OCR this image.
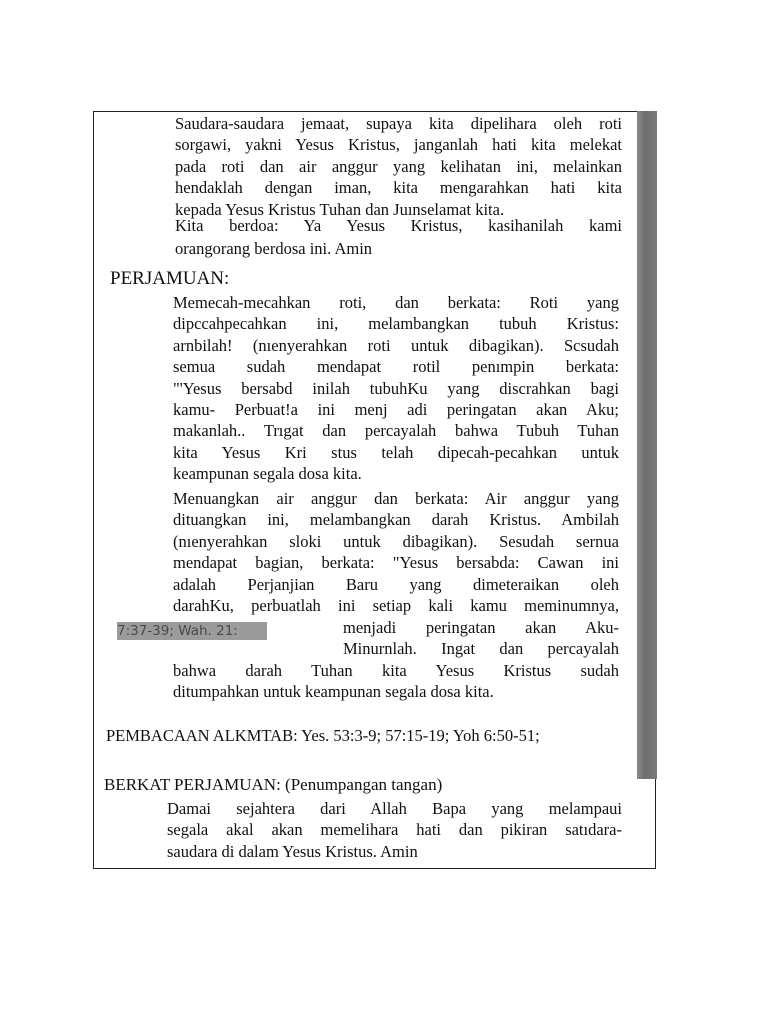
Saudara-saudara jemaat, supaya kita dipelihara oleh roti
sorgawi, yakni Yesus Kristus, janganlah hati kita melekat
pada roti dan air anggur yang kelihatan ini, melainkan
hendaklah dengan iman, kita mengarahkan hati kita
kepada Yesus Kristus Tuhan dan Juınselamat kita.
Kita berdoa: Ya Yesus Kristus, kasihanilah kami
orangorang berdosa ini. Amin
PERJAMUAN:
Memecah-mecahkan roti, dan berkata: Roti yang
dipccahpecahkan ini, melambangkan tubuh Kristus:
arnbilah! (nıenyerahkan roti untuk dibagikan). Scsudah
semua sudah mendapat rotil penımpin berkata:
"'Yesus bersabd inilah tubuhKu yang discrahkan bagi
kamu- Perbuat!a ini menj adi peringatan akan Aku;
makanlah.. Trıgat dan percayalah bahwa Tubuh Tuhan
kita Yesus Kri stus telah dipecah-pecahkan untuk
keampunan segala dosa kita.
Menuangkan air anggur dan berkata: Air anggur yang
dituangkan ini, melambangkan darah Kristus. Ambilah
(nıenyerahkan sloki untuk dibagikan). Sesudah sernua
mendapat bagian, berkata: "Yesus bersabda: Cawan ini
adalah Perjanjian Baru yang dimeteraikan oleh
darahKu, perbuatlah ini setiap kali kamu meminumnya,
7:37-39; Wah. 21:	menjadi peringatan akan Aku-
Minurnlah. Ingat dan percayalah
bahwa darah Tuhan kita Yesus Kristus sudah
ditumpahkan untuk keampunan segala dosa kita.
PEMBACAAN ALKMTAB: Yes. 53:3-9; 57:15-19; Yoh 6:50-51;
BERKAT PERJAMUAN: (Penumpangan tangan)
Damai sejahtera dari Allah Bapa yang melampaui
segala akal akan memelihara hati dan pikiran satıdara-
saudara di dalam Yesus Kristus. Amin
